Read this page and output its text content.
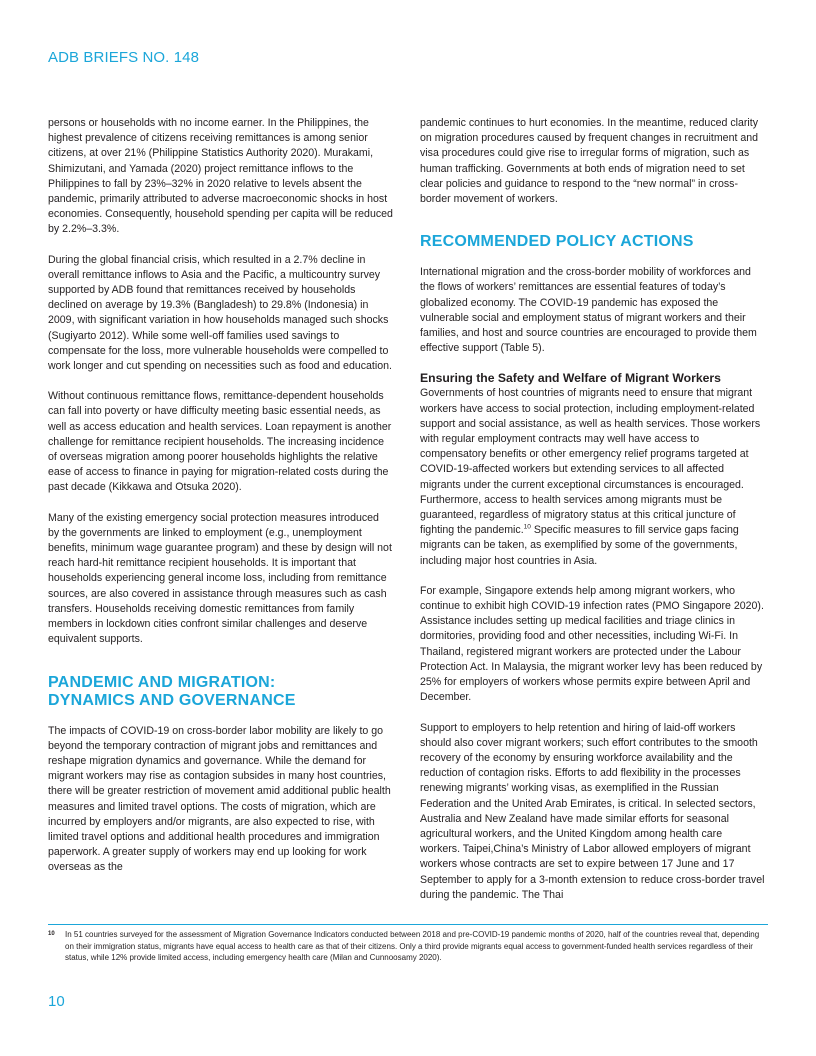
ADB BRIEFS NO. 148

persons or households with no income earner. In the Philippines, the highest prevalence of citizens receiving remittances is among senior citizens, at over 21% (Philippine Statistics Authority 2020). Murakami, Shimizutani, and Yamada (2020) project remittance inflows to the Philippines to fall by 23%–32% in 2020 relative to levels absent the pandemic, primarily attributed to adverse macroeconomic shocks in host economies. Consequently, household spending per capita will be reduced by 2.2%–3.3%.

During the global financial crisis, which resulted in a 2.7% decline in overall remittance inflows to Asia and the Pacific, a multicountry survey supported by ADB found that remittances received by households declined on average by 19.3% (Bangladesh) to 29.8% (Indonesia) in 2009, with significant variation in how households managed such shocks (Sugiyarto 2012). While some well-off families used savings to compensate for the loss, more vulnerable households were compelled to work longer and cut spending on necessities such as food and education.

Without continuous remittance flows, remittance-dependent households can fall into poverty or have difficulty meeting basic essential needs, as well as access education and health services. Loan repayment is another challenge for remittance recipient households. The increasing incidence of overseas migration among poorer households highlights the relative ease of access to finance in paying for migration-related costs during the past decade (Kikkawa and Otsuka 2020).

Many of the existing emergency social protection measures introduced by the governments are linked to employment (e.g., unemployment benefits, minimum wage guarantee program) and these by design will not reach hard-hit remittance recipient households. It is important that households experiencing general income loss, including from remittance sources, are also covered in assistance through measures such as cash transfers. Households receiving domestic remittances from family members in lockdown cities confront similar challenges and deserve equivalent supports.

PANDEMIC AND MIGRATION:
DYNAMICS AND GOVERNANCE

The impacts of COVID-19 on cross-border labor mobility are likely to go beyond the temporary contraction of migrant jobs and remittances and reshape migration dynamics and governance. While the demand for migrant workers may rise as contagion subsides in many host countries, there will be greater restriction of movement amid additional public health measures and limited travel options. The costs of migration, which are incurred by employers and/or migrants, are also expected to rise, with limited travel options and additional health procedures and immigration paperwork. A greater supply of workers may end up looking for work overseas as the

pandemic continues to hurt economies. In the meantime, reduced clarity on migration procedures caused by frequent changes in recruitment and visa procedures could give rise to irregular forms of migration, such as human trafficking. Governments at both ends of migration need to set clear policies and guidance to respond to the “new normal” in cross-border movement of workers.

RECOMMENDED POLICY ACTIONS

International migration and the cross-border mobility of workforces and the flows of workers’ remittances are essential features of today’s globalized economy. The COVID-19 pandemic has exposed the vulnerable social and employment status of migrant workers and their families, and host and source countries are encouraged to provide them effective support (Table 5).

Ensuring the Safety and Welfare of Migrant Workers

Governments of host countries of migrants need to ensure that migrant workers have access to social protection, including employment-related support and social assistance, as well as health services. Those workers with regular employment contracts may well have access to compensatory benefits or other emergency relief programs targeted at COVID-19-affected workers but extending services to all affected migrants under the current exceptional circumstances is encouraged. Furthermore, access to health services among migrants must be guaranteed, regardless of migratory status at this critical juncture of fighting the pandemic.$^{10}$ Specific measures to fill service gaps facing migrants can be taken, as exemplified by some of the governments, including major host countries in Asia.

For example, Singapore extends help among migrant workers, who continue to exhibit high COVID-19 infection rates (PMO Singapore 2020). Assistance includes setting up medical facilities and triage clinics in dormitories, providing food and other necessities, including Wi-Fi. In Thailand, registered migrant workers are protected under the Labour Protection Act. In Malaysia, the migrant worker levy has been reduced by 25% for employers of workers whose permits expire between April and December.

Support to employers to help retention and hiring of laid-off workers should also cover migrant workers; such effort contributes to the smooth recovery of the economy by ensuring workforce availability and the reduction of contagion risks. Efforts to add flexibility in the processes renewing migrants’ working visas, as exemplified in the Russian Federation and the United Arab Emirates, is critical. In selected sectors, Australia and New Zealand have made similar efforts for seasonal agricultural workers, and the United Kingdom among health care workers. Taipei,China’s Ministry of Labor allowed employers of migrant workers whose contracts are set to expire between 17 June and 17 September to apply for a 3-month extension to reduce cross-border travel during the pandemic. The Thai

10 In 51 countries surveyed for the assessment of Migration Governance Indicators conducted between 2018 and pre-COVID-19 pandemic months of 2020, half of the countries reveal that, depending on their immigration status, migrants have equal access to health care as that of their citizens. Only a third provide migrants equal access to government-funded health services regardless of their status, while 12% provide limited access, including emergency health care (Milan and Cunnoosamy 2020).
10
